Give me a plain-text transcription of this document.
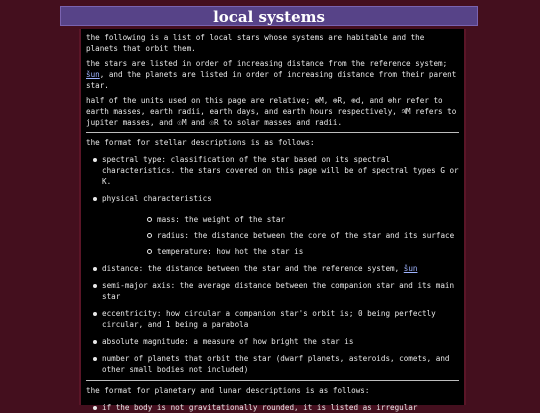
local systems

the following is a list of local stars whose systems are habitable and the planets that orbit them.

the stars are listed in order of increasing distance from the reference system; šun, and the planets are listed in order of increasing distance from their parent star.

half of the units used on this page are relative; ⊕M, ⊕R, ⊕d, and ⊕hr refer to earth masses, earth radii, earth days, and earth hours respectively, ♃M refers to jupiter masses, and ☉M and ☉R to solar masses and radii.

the format for stellar descriptions is as follows:

spectral type: classification of the star based on its spectral characteristics. the stars covered on this page will be of spectral types G or K.
physical characteristics
mass: the weight of the star
radius: the distance between the core of the star and its surface
temperature: how hot the star is
distance: the distance between the star and the reference system, šun
semi-major axis: the average distance between the companion star and its main star
eccentricity: how circular a companion star's orbit is; 0 being perfectly circular, and 1 being a parabola
absolute magnitude: a measure of how bright the star is
number of planets that orbit the star (dwarf planets, asteroids, comets, and other small bodies not included)

the format for planetary and lunar descriptions is as follows:

if the body is not gravitationally rounded, it is listed as irregular
